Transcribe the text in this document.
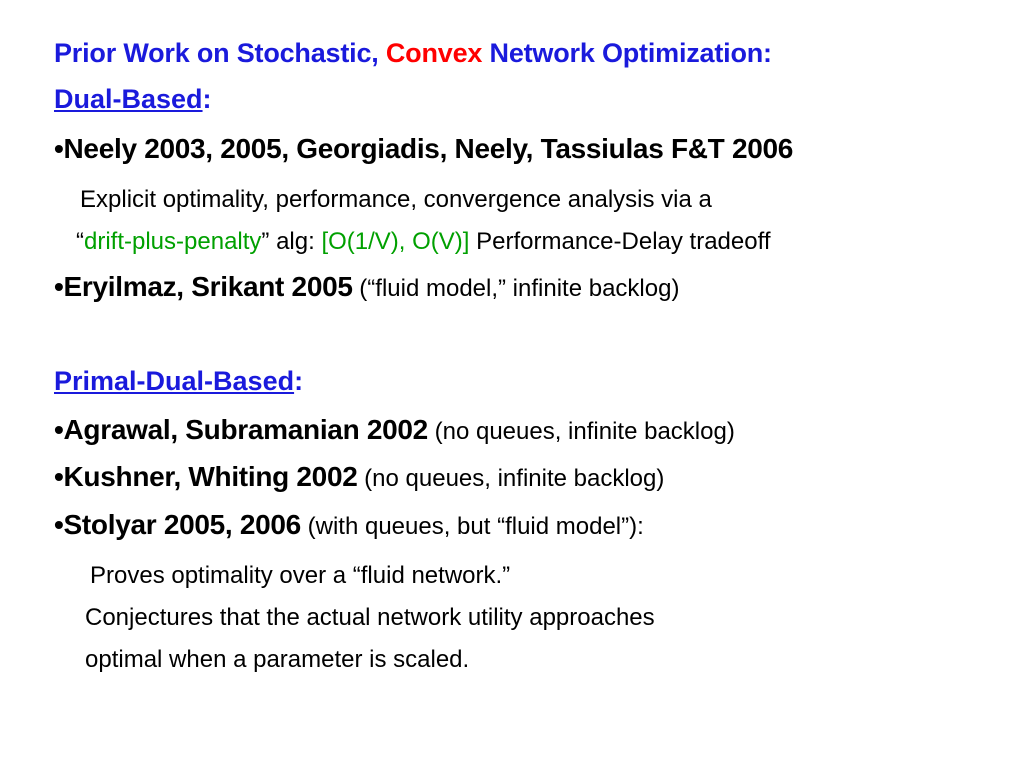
Prior Work on Stochastic, Convex Network Optimization:
Dual-Based:
•Neely 2003, 2005, Georgiadis, Neely, Tassiulas F&T 2006
Explicit optimality, performance, convergence analysis via a
“drift-plus-penalty” alg: [O(1/V), O(V)] Performance-Delay tradeoff
•Eryilmaz, Srikant 2005 (“fluid model,” infinite backlog)
Primal-Dual-Based:
•Agrawal, Subramanian 2002 (no queues, infinite backlog)
•Kushner, Whiting 2002 (no queues, infinite backlog)
•Stolyar 2005, 2006 (with queues, but “fluid model”):
Proves optimality over a “fluid network.”
Conjectures that the actual network utility approaches
optimal when a parameter is scaled.
